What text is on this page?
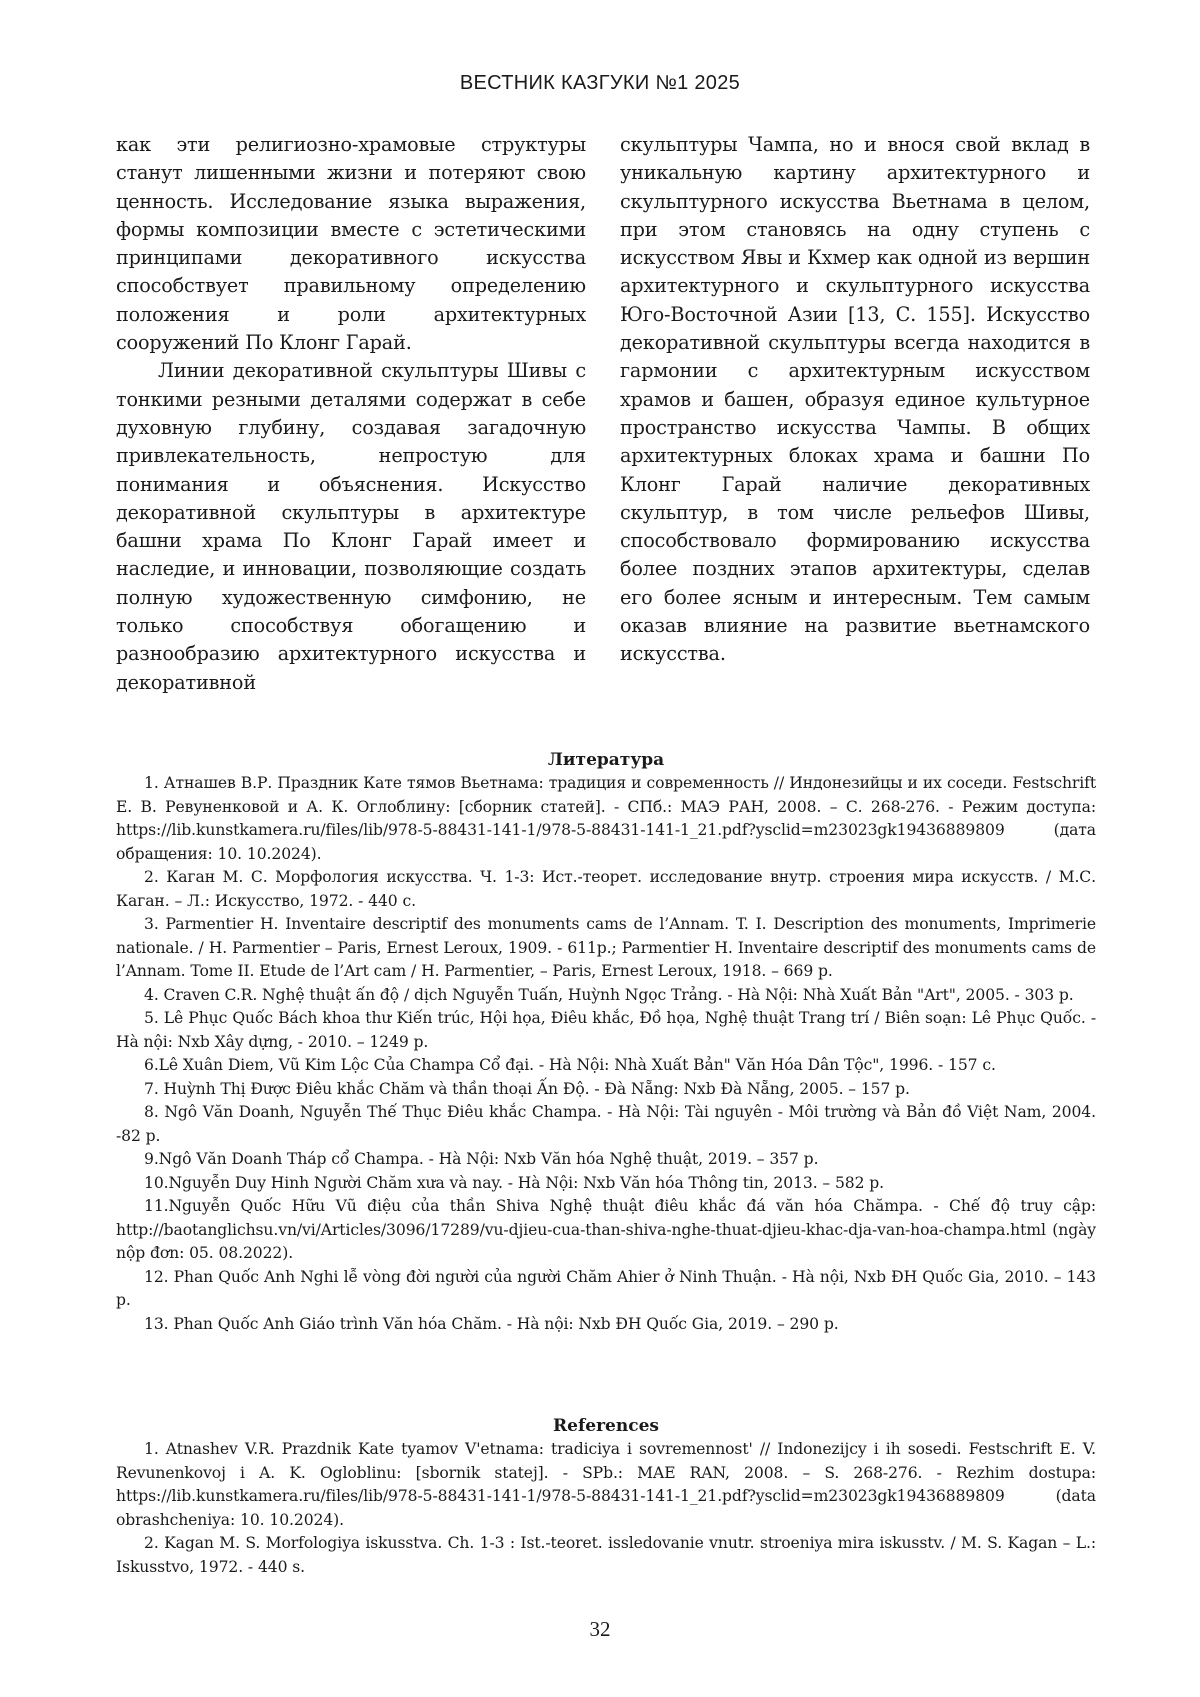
ВЕСТНИК КАЗГУКИ №1 2025

как эти религиозно-храмовые структуры станут лишенными жизни и потеряют свою ценность. Исследование языка выражения, формы композиции вместе с эстетическими принципами декоративного искусства способствует правильному определению положения и роли архитектурных сооружений По Клонг Гарай.

Линии декоративной скульптуры Шивы с тонкими резными деталями содержат в себе духовную глубину, создавая загадочную привлекательность, непростую для понимания и объяснения. Искусство декоративной скульптуры в архитектуре башни храма По Клонг Гарай имеет и наследие, и инновации, позволяющие создать полную художественную симфонию, не только способствуя обогащению и разнообразию архитектурного искусства и декоративной

скульптуры Чампа, но и внося свой вклад в уникальную картину архитектурного и скульптурного искусства Вьетнама в целом, при этом становясь на одну ступень с искусством Явы и Кхмер как одной из вершин архитектурного и скульптурного искусства Юго-Восточной Азии [13, С. 155]. Искусство декоративной скульптуры всегда находится в гармонии с архитектурным искусством храмов и башен, образуя единое культурное пространство искусства Чампы. В общих архитектурных блоках храма и башни По Клонг Гарай наличие декоративных скульптур, в том числе рельефов Шивы, способствовало формированию искусства более поздних этапов архитектуры, сделав его более ясным и интересным. Тем самым оказав влияние на развитие вьетнамского искусства.

Литература

1. Атнашев В.Р. Праздник Кате тямов Вьетнама: традиция и современность // Индонезийцы и их соседи. Festschrift Е. В. Ревуненковой и А. К. Оглоблину: [сборник статей]. - СПб.: МАЭ РАН, 2008. – С. 268-276. - Режим доступа: https://lib.kunstkamera.ru/files/lib/978-5-88431-141-1/978-5-88431-141-1_21.pdf?ysclid=m23023gk19436889809 (дата обращения: 10. 10.2024).

2. Каган М. С. Морфология искусства. Ч. 1-3: Ист.-теорет. исследование внутр. строения мира искусств. / М.С. Каган. – Л.: Искусство, 1972. - 440 с.

3. Parmentier H. Inventaire descriptif des monuments cams de l’Annam. T. I. Description des monuments, Imprimerie nationale. / H. Parmentier – Paris, Ernest Leroux, 1909. - 611p.; Parmentier H. Inventaire descriptif des monuments cams de l’Annam. Tome II. Etude de l’Art cam / H. Parmentier, – Paris, Ernest Leroux, 1918. – 669 p.

4. Craven C.R. Nghệ thuật ấn độ / dịch Nguyễn Tuấn, Huỳnh Ngọc Trảng. - Hà Nội: Nhà Xuất Bản "Art", 2005. - 303 p.

5. Lê Phục Quốc Bách khoa thư Kiến trúc, Hội họa, Điêu khắc, Đồ họa, Nghệ thuật Trang trí / Biên soạn: Lê Phục Quốc. - Hà nội: Nxb Xây dựng, - 2010. – 1249 p.

6.Lê Xuân Diem, Vũ Kim Lộc Của Champa Cổ đại. - Hà Nội: Nhà Xuất Bản" Văn Hóa Dân Tộc", 1996. - 157 c.

7. Huỳnh Thị Được Điêu khắc Chăm và thần thoại Ấn Độ. - Đà Nẵng: Nxb Đà Nẵng, 2005. – 157 p.

8. Ngô Văn Doanh, Nguyễn Thế Thục Điêu khắc Champa. - Hà Nội: Tài nguyên - Môi trường và Bản đồ Việt Nam, 2004. -82 p.

9.Ngô Văn Doanh Tháp cổ Champa. - Hà Nội: Nxb Văn hóa Nghệ thuật, 2019. – 357 p.

10.Nguyễn Duy Hinh Người Chăm xưa và nay. - Hà Nội: Nxb Văn hóa Thông tin, 2013. – 582 p.

11.Nguyễn Quốc Hữu Vũ điệu của thần Shiva Nghệ thuật điêu khắc đá văn hóa Chămpa. - Chế độ truy cập: http://baotanglichsu.vn/vi/Articles/3096/17289/vu-djieu-cua-than-shiva-nghe-thuat-djieu-khac-dja-van-hoa-champa.html (ngày nộp đơn: 05. 08.2022).

12. Phan Quốc Anh Nghi lễ vòng đời người của người Chăm Ahier ở Ninh Thuận. - Hà nội, Nxb ĐH Quốc Gia, 2010. – 143 p.

13. Phan Quốc Anh Giáo trình Văn hóa Chăm. - Hà nội: Nxb ĐH Quốc Gia, 2019. – 290 p.

References

1. Atnashev V.R. Prazdnik Kate tyamov V'etnama: tradiciya i sovremennost' // Indonezijcy i ih sosedi. Festschrift E. V. Revunenkovoj i A. K. Ogloblinu: [sbornik statej]. - SPb.: MAE RAN, 2008. – S. 268-276. - Rezhim dostupa: https://lib.kunstkamera.ru/files/lib/978-5-88431-141-1/978-5-88431-141-1_21.pdf?ysclid=m23023gk19436889809 (data obrashcheniya: 10. 10.2024).

2. Kagan M. S. Morfologiya iskusstva. Ch. 1-3 : Ist.-teoret. issledovanie vnutr. stroeniya mira iskusstv. / M. S. Kagan – L.: Iskusstvo, 1972. - 440 s.

32
